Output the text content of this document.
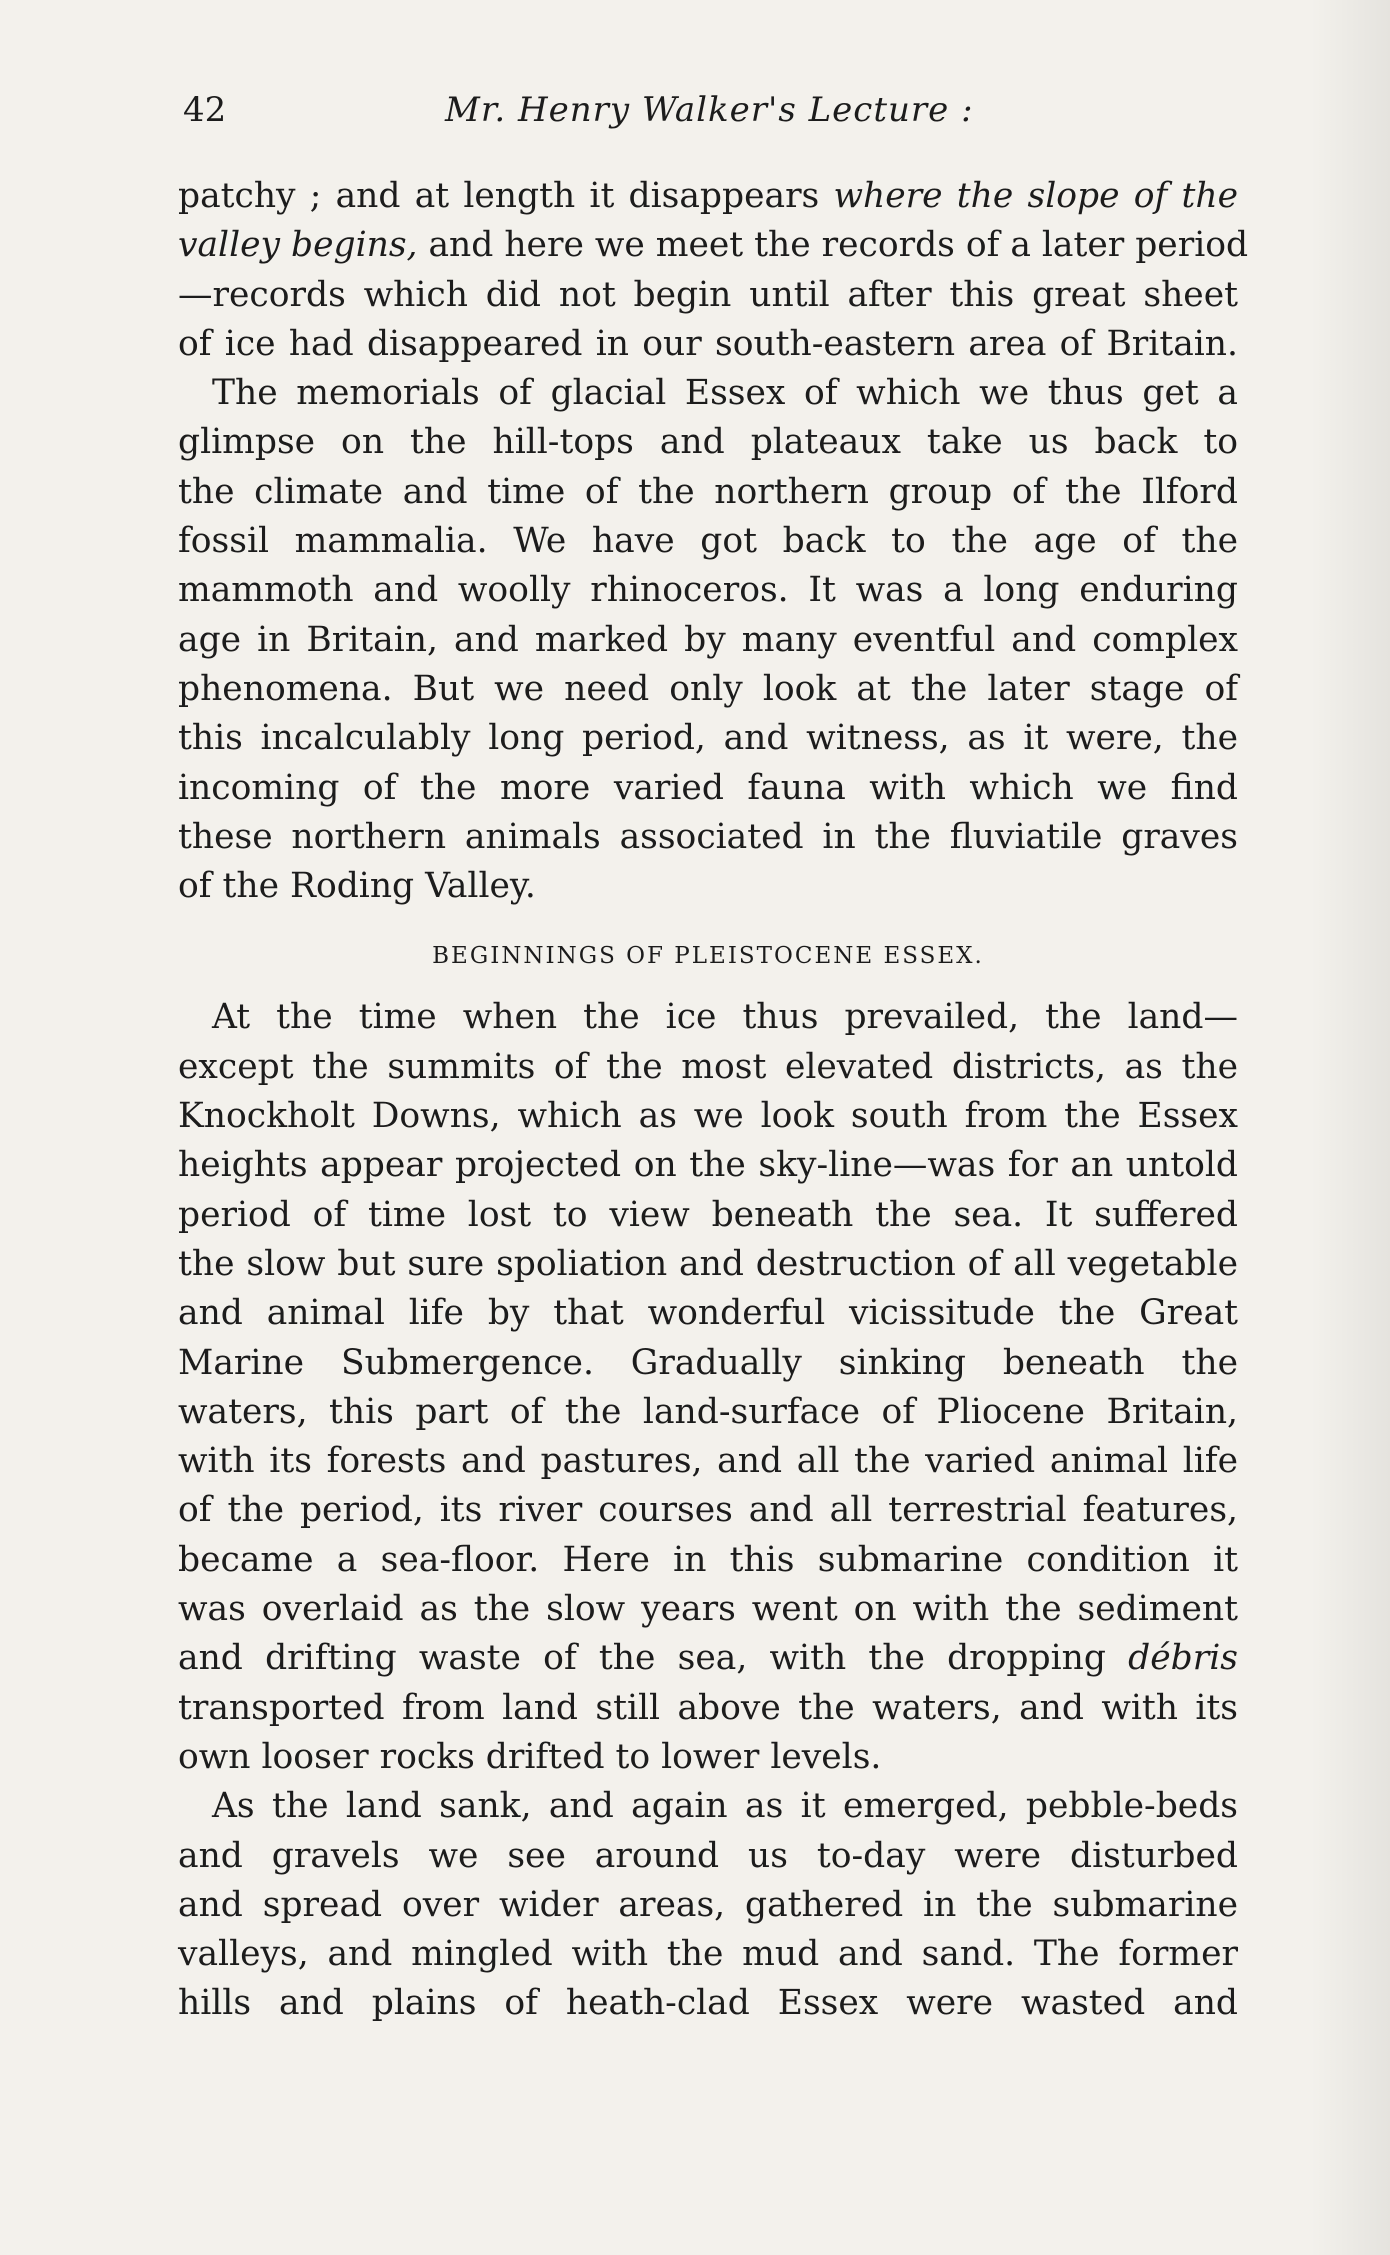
42	Mr. Henry Walker's Lecture :
patchy ; and at length it disappears where the slope of the
valley begins, and here we meet the records of a later period
—records which did not begin until after this great sheet
of ice had disappeared in our south-eastern area of Britain.
The memorials of glacial Essex of which we thus get a
glimpse on the hill-tops and plateaux take us back to
the climate and time of the northern group of the Ilford
fossil mammalia. We have got back to the age of the
mammoth and woolly rhinoceros. It was a long enduring
age in Britain, and marked by many eventful and complex
phenomena. But we need only look at the later stage of
this incalculably long period, and witness, as it were, the
incoming of the more varied fauna with which we find
these northern animals associated in the fluviatile graves
of the Roding Valley.
BEGINNINGS OF PLEISTOCENE ESSEX.
At the time when the ice thus prevailed, the land—
except the summits of the most elevated districts, as the
Knockholt Downs, which as we look south from the Essex
heights appear projected on the sky-line—was for an untold
period of time lost to view beneath the sea. It suffered
the slow but sure spoliation and destruction of all vegetable
and animal life by that wonderful vicissitude the Great
Marine Submergence. Gradually sinking beneath the
waters, this part of the land-surface of Pliocene Britain,
with its forests and pastures, and all the varied animal life
of the period, its river courses and all terrestrial features,
became a sea-floor. Here in this submarine condition it
was overlaid as the slow years went on with the sediment
and drifting waste of the sea, with the dropping débris
transported from land still above the waters, and with its
own looser rocks drifted to lower levels.
As the land sank, and again as it emerged, pebble-beds
and gravels we see around us to-day were disturbed
and spread over wider areas, gathered in the submarine
valleys, and mingled with the mud and sand. The former
hills and plains of heath-clad Essex were wasted and
